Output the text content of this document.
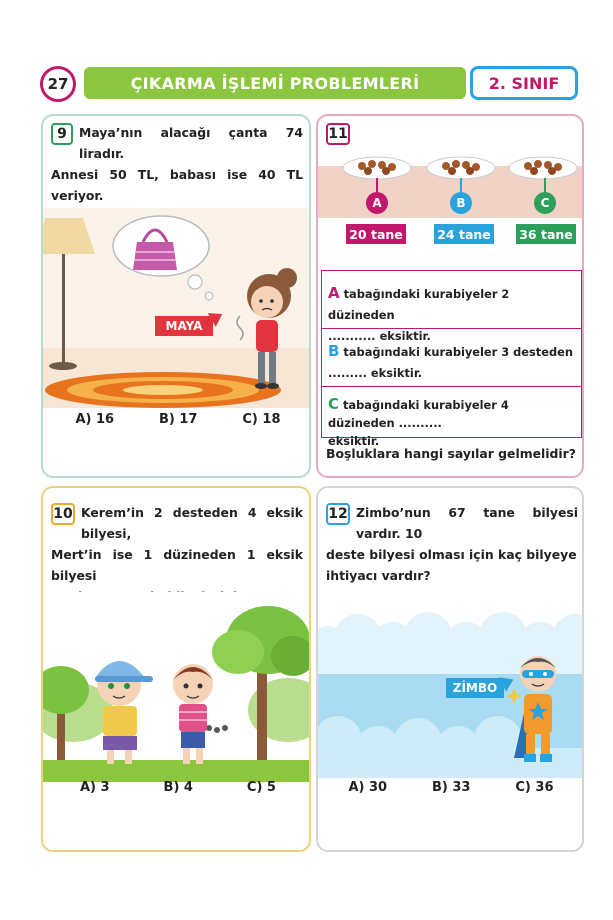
27	ÇIKARMA İŞLEMİ PROBLEMLERİ	2. SINIF
9 Maya’nın alacağı çanta 74 liradır.
Annesi 50 TL, babası ise 40 TL veriyor.
MAYA
A) 16	B) 17	C) 18
11
A	B	C
20 tane	24 tane 36 tane
A tabağındaki kurabiyeler 2 düzineden
........... eksiktir.
B tabağındaki kurabiyeler 3 desteden
......... eksiktir.
C tabağındaki kurabiyeler 4 düzineden ..........
eksiktir.
Boşluklara hangi sayılar gelmelidir?
10 Kerem’in 2 desteden 4 eksik bilyesi,
Mert’in ise 1 düzineden 1 eksik bilyesi
A) 3	B) 4	C) 5
12 Zimbo’nun 67 tane bilyesi vardır. 10
deste bilyesi olması için kaç bilyeye
ihtiyacı vardır?
ZİMBO
A) 30	B) 33	C) 36
